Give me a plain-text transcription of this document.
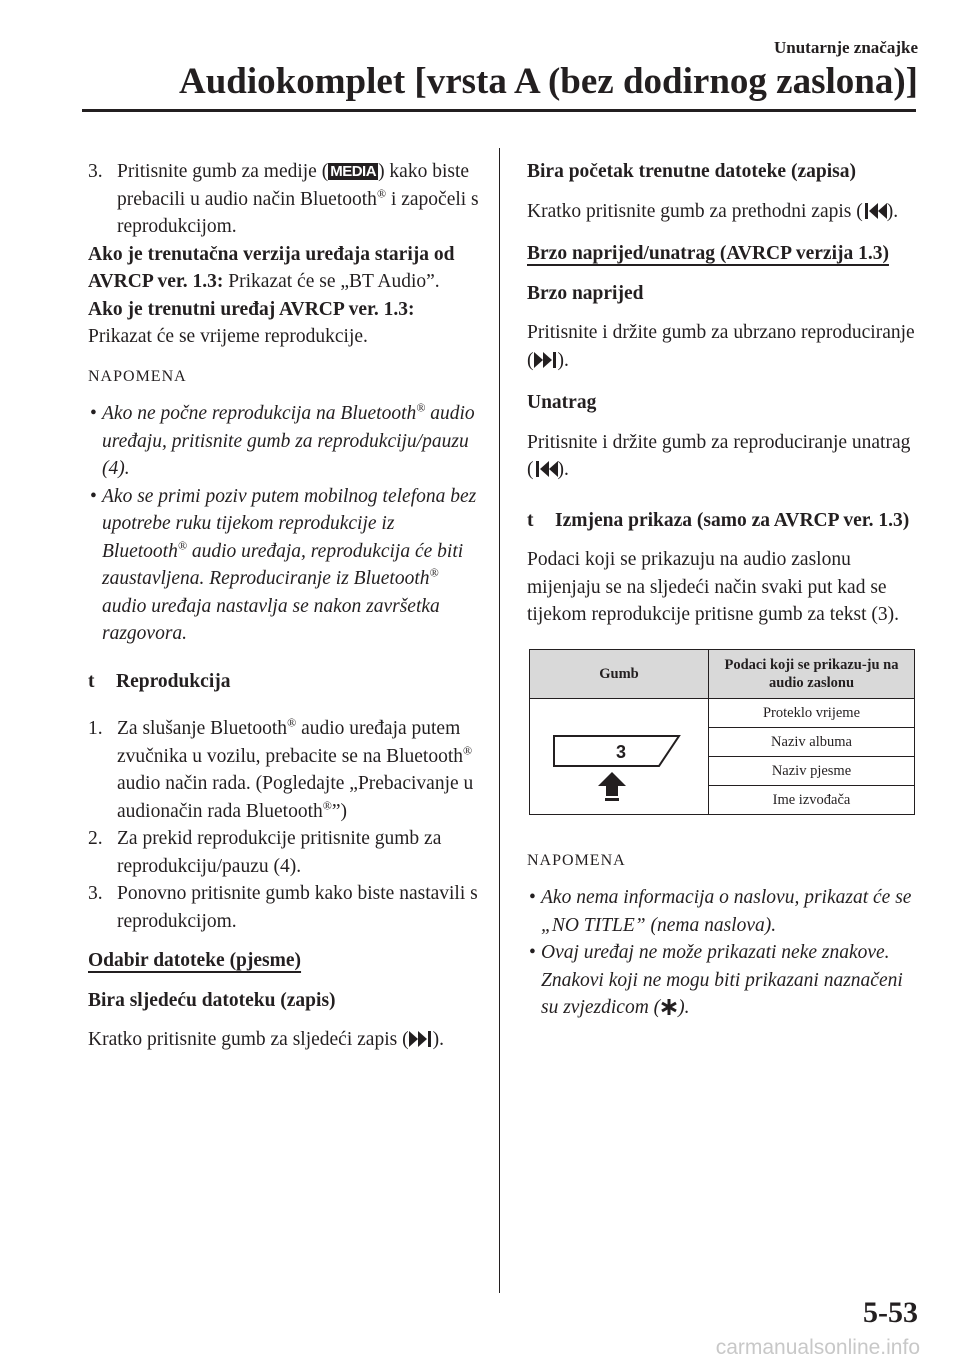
Unutarnje značajke
Audiokomplet [vrsta A (bez dodirnog zaslona)]
3. Pritisnite gumb za medije ( MEDIA ) kako biste prebacili u audio način Bluetooth® i započeli s reprodukcijom.

Ako je trenutačna verzija uređaja starija od AVRCP ver. 1.3: Prikazat će se „BT Audio”.

Ako je trenutni uređaj AVRCP ver. 1.3:

Prikazat će se vrijeme reprodukcije.

NAPOMENA
• Ako ne počne reprodukcija na Bluetooth® audio uređaju, pritisnite gumb za reprodukciju/pauzu (4).
• Ako se primi poziv putem mobilnog telefona bez upotrebe ruku tijekom reprodukcije iz Bluetooth® audio uređaja, reprodukcija će biti zaustavljena. Reproduciranje iz Bluetooth® audio uređaja nastavlja se nakon završetka razgovora.
t Reprodukcija
1. Za slušanje Bluetooth® audio uređaja putem zvučnika u vozilu, prebacite se na Bluetooth® audio način rada. (Pogledajte „Prebacivanje u audionačin rada Bluetooth®”)
2. Za prekid reprodukcije pritisnite gumb za reprodukciju/pauzu (4).
3. Ponovno pritisnite gumb kako biste nastavili s reprodukcijom.

Odabir datoteke (pjesme)

Bira sljedeću datoteku (zapis)

Kratko pritisnite gumb za sljedeći zapis ( ).

Bira početak trenutne datoteke (zapisa)

Kratko pritisnite gumb za prethodni zapis ( ).

Brzo naprijed/unatrag (AVRCP verzija 1.3)

Brzo naprijed

Pritisnite i držite gumb za ubrzano reproduciranje ( ).

Unatrag

Pritisnite i držite gumb za reproduciranje unatrag ( ).

t Izmjena prikaza (samo za AVRCP ver. 1.3)

Podaci koji se prikazuju na audio zaslonu mijenjaju se na sljedeći način svaki put kad se tijekom reprodukcije pritisne gumb za tekst (3).

Gumb	Podaci koji se prikazu-ju na audio zaslonu

3	Proteklo vrijeme
	Naziv albuma
	Naziv pjesme
	Ime izvođača
NAPOMENA
• Ako nema informacija o naslovu, prikazat će se „NO TITLE” (nema naslova).
• Ovaj uređaj ne može prikazati neke znakove. Znakovi koji ne mogu biti prikazani naznačeni su zvjezdicom ( ).
5-53
carmanualsonline.info
